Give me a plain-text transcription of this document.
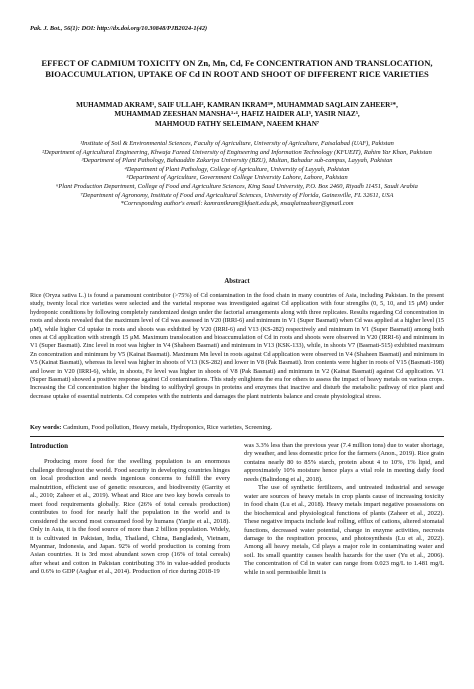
Pak. J. Bot., 56(1): DOI: http://dx.doi.org/10.30848/PJB2024-1(42)
EFFECT OF CADMIUM TOXICITY ON Zn, Mn, Cd, Fe CONCENTRATION AND TRANSLOCATION, BIOACCUMULATION, UPTAKE OF Cd IN ROOT AND SHOOT OF DIFFERENT RICE VARIETIES
MUHAMMAD AKRAM¹, SAIF ULLAH², KAMRAN IKRAM³*, MUHAMMAD SAQLAIN ZAHEER²*,
MUHAMMAD ZEESHAN MANSHA³·⁴, HAFIZ HAIDER ALI⁵, YASIR NIAZ⁵,
MAHMOUD FATHY SELEIMAN⁶, NAEEM KHAN⁷
¹Institute of Soil & Environmental Sciences, Faculty of Agriculture, University of Agriculture, Faisalabad (UAF), Pakistan
²Department of Agricultural Engineering, Khwaja Fareed University of Engineering and Information Technology (KFUEIT), Rahim Yar Khan, Pakistan
³Department of Plant Pathology, Bahauddin Zakariya University (BZU), Multan, Bahadur sub-campus, Layyah, Pakistan
⁴Department of Plant Pathology, College of Agriculture, University of Layyah, Pakistan
⁵Department of Agriculture, Government College University Lahore, Lahore, Pakistan
⁶Plant Production Department, College of Food and Agriculture Sciences, King Saud University, P.O. Box 2460, Riyadh 11451, Saudi Arabia
⁷Department of Agronomy, Institute of Food and Agricultural Sciences, University of Florida, Gainesville, FL 32611, USA
*Corresponding author's email: kamranikram@kfueit.edu.pk, msaqlainzaheer@gmail.com
Abstract
Rice (Oryza sativa L.) is found a paramount contributor (>75%) of Cd contamination in the food chain in many countries of Asia, including Pakistan. In the present study, twenty local rice varieties were selected and the varietal response was investigated against Cd application with four strengths (0, 5, 10, and 15 μM) under hydroponic conditions by following completely randomized design under the factorial arrangements along with three replicates. Results regarding Cd concentration in roots and shoots revealed that the maximum level of Cd was assessed in V20 (IRRI-6) and minimum in V1 (Super Basmati) when Cd was applied at a higher level (15 μM), while higher Cd uptake in roots and shoots was exhibited by V20 (IRRI-6) and V13 (KS-282) respectively and minimum in V1 (Super Basmati) among both ones at Cd application with strength 15 μM. Maximum translocation and bioaccumulation of Cd in roots and shoots were observed in V20 (IRRI-6) and minimum in V1 (Super Basmati). Zinc level in root was higher in V4 (Shaheen Basmati) and minimum in V13 (KSK-133), while, in shoots V7 (Basmati-515) exhibited maximum Zn concentration and minimum by V5 (Kainat Basmati). Maximum Mn level in roots against Cd application were observed in V4 (Shaheen Basmati) and minimum in V5 (Kainat Basmati), whereas its level was higher in shoots of V13 (KS-282) and lower in V8 (Pak Basmati). Iron contents were higher in roots of V15 (Basmati-198) and lower in V20 (IRRI-6), while, in shoots, Fe level was higher in shoots of V8 (Pak Basmati) and minimum in V2 (Kainat Basmati) against Cd application. V1 (Super Basmati) showed a positive response against Cd contaminations. This study enlightens the era for others to assess the impact of heavy metals on various crops. Increasing the Cd concentration higher the binding to sulfhydryl groups in proteins and enzymes that inactive and disturb the metabolic pathway of rice plant and decrease uptake of essential nutrients. Cd competes with the nutrients and damages the plant nutrients balance and create physiological stress.
Key words: Cadmium, Food pollution, Heavy metals, Hydroponics, Rice varieties, Screening.
Introduction

Producing more food for the swelling population is an enormous challenge throughout the world. Food security in developing countries hinges on local production and needs ingenious concerns to fulfill the every malnutrition, efficient use of genetic resources, and biodiversity (Garrity et al., 2010; Zaheer et al., 2019). Wheat and Rice are two key bowls cereals to meet food requirements globally. Rice (26% of total cereals production) contributes to food for nearly half the population in the world and is considered the second most consumed food by humans (Yanjie et al., 2018). Only in Asia, it is the food source of more than 2 billion population. Widely, it is cultivated in Pakistan, India, Thailand, China, Bangladesh, Vietnam, Myanmar, Indonesia, and Japan. 92% of world production is coming from Asian countries. It is 3rd most abundant sown crop (16% of total cereals) after wheat and cotton in Pakistan contributing 3% in value-added products and 0.6% to GDP (Asghar et al., 2014). Production of rice during 2018-19

was 3.3% less than the previous year (7.4 million tons) due to water shortage, dry weather, and less domestic price for the farmers (Anon., 2019). Rice grain contains nearly 80 to 85% starch, protein about 4 to 10%, 1% lipid, and approximately 10% moisture hence plays a vital role in meeting daily food needs (Balindong et al., 2018).

The use of synthetic fertilizers, and untreated industrial and sewage water are sources of heavy metals in crop plants cause of increasing toxicity in food chain (Lu et al., 2018). Heavy metals impart negative possessions on the biochemical and physiological functions of plants (Zaheer et al., 2022). These negative impacts include leaf rolling, efflux of cations, altered stomatal functions, decreased water potential, change in enzyme activities, necrosis damage to the respiration process, and photosynthesis (Lu et al., 2022). Among all heavy metals, Cd plays a major role in contaminating water and soil. Its small quantity causes health hazards for the user (Yu et al., 2006). The concentration of Cd in water can range from 0.023 mg/L to 1.481 mg/L while in soil permissible limit is
